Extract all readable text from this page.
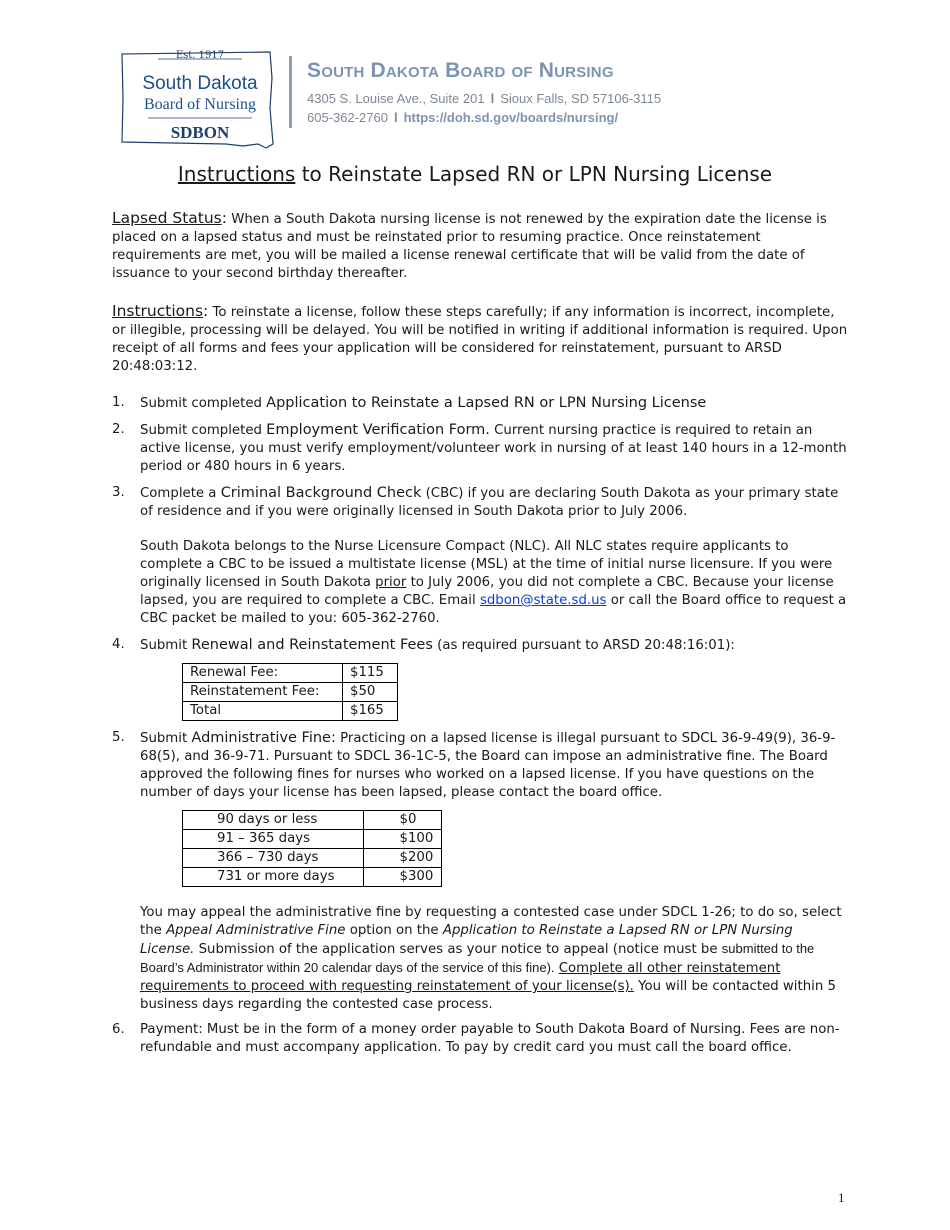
Est. 1917
South Dakota
Board of Nursing
SDBON
South Dakota Board of Nursing
4305 S. Louise Ave., Suite 201 l Sioux Falls, SD 57106-3115
605-362-2760 l https://doh.sd.gov/boards/nursing/
Instructions to Reinstate Lapsed RN or LPN Nursing License
Lapsed Status: When a South Dakota nursing license is not renewed by the expiration date the license is placed on a lapsed status and must be reinstated prior to resuming practice. Once reinstatement requirements are met, you will be mailed a license renewal certificate that will be valid from the date of issuance to your second birthday thereafter.
Instructions: To reinstate a license, follow these steps carefully; if any information is incorrect, incomplete, or illegible, processing will be delayed. You will be notified in writing if additional information is required. Upon receipt of all forms and fees your application will be considered for reinstatement, pursuant to ARSD 20:48:03:12.
1. Submit completed Application to Reinstate a Lapsed RN or LPN Nursing License
2. Submit completed Employment Verification Form. Current nursing practice is required to retain an active license, you must verify employment/volunteer work in nursing of at least 140 hours in a 12-month period or 480 hours in 6 years.
3. Complete a Criminal Background Check (CBC) if you are declaring South Dakota as your primary state of residence and if you were originally licensed in South Dakota prior to July 2006.
South Dakota belongs to the Nurse Licensure Compact (NLC). All NLC states require applicants to complete a CBC to be issued a multistate license (MSL) at the time of initial nurse licensure. If you were originally licensed in South Dakota prior to July 2006, you did not complete a CBC. Because your license lapsed, you are required to complete a CBC. Email sdbon@state.sd.us or call the Board office to request a CBC packet be mailed to you: 605-362-2760.
4. Submit Renewal and Reinstatement Fees (as required pursuant to ARSD 20:48:16:01):
Renewal Fee:	$115
Reinstatement Fee:	$50
Total	$165
5. Submit Administrative Fine: Practicing on a lapsed license is illegal pursuant to SDCL 36-9-49(9), 36-9-68(5), and 36-9-71. Pursuant to SDCL 36-1C-5, the Board can impose an administrative fine. The Board approved the following fines for nurses who worked on a lapsed license. If you have questions on the number of days your license has been lapsed, please contact the board office.
90 days or less	$0
91 – 365 days	$100
366 – 730 days	$200
731 or more days	$300
You may appeal the administrative fine by requesting a contested case under SDCL 1-26; to do so, select the Appeal Administrative Fine option on the Application to Reinstate a Lapsed RN or LPN Nursing License. Submission of the application serves as your notice to appeal (notice must be submitted to the Board’s Administrator within 20 calendar days of the service of this fine). Complete all other reinstatement requirements to proceed with requesting reinstatement of your license(s). You will be contacted within 5 business days regarding the contested case process.
6. Payment: Must be in the form of a money order payable to South Dakota Board of Nursing. Fees are non-refundable and must accompany application. To pay by credit card you must call the board office.
1
